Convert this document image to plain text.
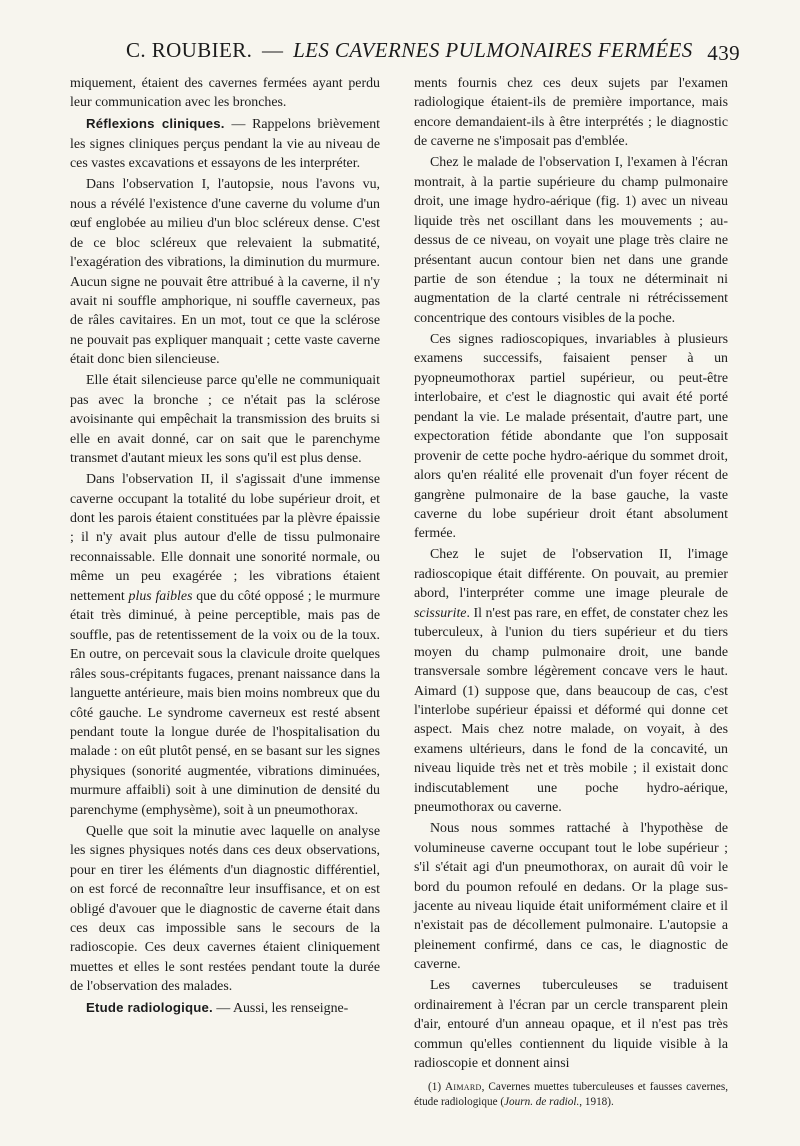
C. ROUBIER. — LES CAVERNES PULMONAIRES FERMÉES 439

miquement, étaient des cavernes fermées ayant perdu leur communication avec les bronches.

Réflexions cliniques. — Rappelons brièvement les signes cliniques perçus pendant la vie au niveau de ces vastes excavations et essayons de les interpréter.

Dans l'observation I, l'autopsie, nous l'avons vu, nous a révélé l'existence d'une caverne du volume d'un œuf englobée au milieu d'un bloc scléreux dense. C'est de ce bloc scléreux que relevaient la submatité, l'exagération des vibrations, la diminution du murmure. Aucun signe ne pouvait être attribué à la caverne, il n'y avait ni souffle amphorique, ni souffle caverneux, pas de râles cavitaires. En un mot, tout ce que la sclérose ne pouvait pas expliquer manquait ; cette vaste caverne était donc bien silencieuse.

Elle était silencieuse parce qu'elle ne communiquait pas avec la bronche ; ce n'était pas la sclérose avoisinante qui empêchait la transmission des bruits si elle en avait donné, car on sait que le parenchyme transmet d'autant mieux les sons qu'il est plus dense.

Dans l'observation II, il s'agissait d'une immense caverne occupant la totalité du lobe supérieur droit, et dont les parois étaient constituées par la plèvre épaissie ; il n'y avait plus autour d'elle de tissu pulmonaire reconnaissable. Elle donnait une sonorité normale, ou même un peu exagérée ; les vibrations étaient nettement plus faibles que du côté opposé ; le murmure était très diminué, à peine perceptible, mais pas de souffle, pas de retentissement de la voix ou de la toux. En outre, on percevait sous la clavicule droite quelques râles sous-crépitants fugaces, prenant naissance dans la languette antérieure, mais bien moins nombreux que du côté gauche. Le syndrome caverneux est resté absent pendant toute la longue durée de l'hospitalisation du malade : on eût plutôt pensé, en se basant sur les signes physiques (sonorité augmentée, vibrations diminuées, murmure affaibli) soit à une diminution de densité du parenchyme (emphysème), soit à un pneumothorax.

Quelle que soit la minutie avec laquelle on analyse les signes physiques notés dans ces deux observations, pour en tirer les éléments d'un diagnostic différentiel, on est forcé de reconnaître leur insuffisance, et on est obligé d'avouer que le diagnostic de caverne était dans ces deux cas impossible sans le secours de la radioscopie. Ces deux cavernes étaient cliniquement muettes et elles le sont restées pendant toute la durée de l'observation des malades.

Etude radiologique. — Aussi, les renseigne-

ments fournis chez ces deux sujets par l'examen radiologique étaient-ils de première importance, mais encore demandaient-ils à être interprétés ; le diagnostic de caverne ne s'imposait pas d'emblée.

Chez le malade de l'observation I, l'examen à l'écran montrait, à la partie supérieure du champ pulmonaire droit, une image hydro-aérique (fig. 1) avec un niveau liquide très net oscillant dans les mouvements ; au-dessus de ce niveau, on voyait une plage très claire ne présentant aucun contour bien net dans une grande partie de son étendue ; la toux ne déterminait ni augmentation de la clarté centrale ni rétrécissement concentrique des contours visibles de la poche.

Ces signes radioscopiques, invariables à plusieurs examens successifs, faisaient penser à un pyopneumothorax partiel supérieur, ou peut-être interlobaire, et c'est le diagnostic qui avait été porté pendant la vie. Le malade présentait, d'autre part, une expectoration fétide abondante que l'on supposait provenir de cette poche hydro-aérique du sommet droit, alors qu'en réalité elle provenait d'un foyer récent de gangrène pulmonaire de la base gauche, la vaste caverne du lobe supérieur droit étant absolument fermée.

Chez le sujet de l'observation II, l'image radioscopique était différente. On pouvait, au premier abord, l'interpréter comme une image pleurale de scissurite. Il n'est pas rare, en effet, de constater chez les tuberculeux, à l'union du tiers supérieur et du tiers moyen du champ pulmonaire droit, une bande transversale sombre légèrement concave vers le haut. Aimard (1) suppose que, dans beaucoup de cas, c'est l'interlobe supérieur épaissi et déformé qui donne cet aspect. Mais chez notre malade, on voyait, à des examens ultérieurs, dans le fond de la concavité, un niveau liquide très net et très mobile ; il existait donc indiscutablement une poche hydro-aérique, pneumothorax ou caverne.

Nous nous sommes rattaché à l'hypothèse de volumineuse caverne occupant tout le lobe supérieur ; s'il s'était agi d'un pneumothorax, on aurait dû voir le bord du poumon refoulé en dedans. Or la plage sus-jacente au niveau liquide était uniformément claire et il n'existait pas de décollement pulmonaire. L'autopsie a pleinement confirmé, dans ce cas, le diagnostic de caverne.

Les cavernes tuberculeuses se traduisent ordinairement à l'écran par un cercle transparent plein d'air, entouré d'un anneau opaque, et il n'est pas très commun qu'elles contiennent du liquide visible à la radioscopie et donnent ainsi

(1) Aimard, Cavernes muettes tuberculeuses et fausses cavernes, étude radiologique (Journ. de radiol., 1918).
